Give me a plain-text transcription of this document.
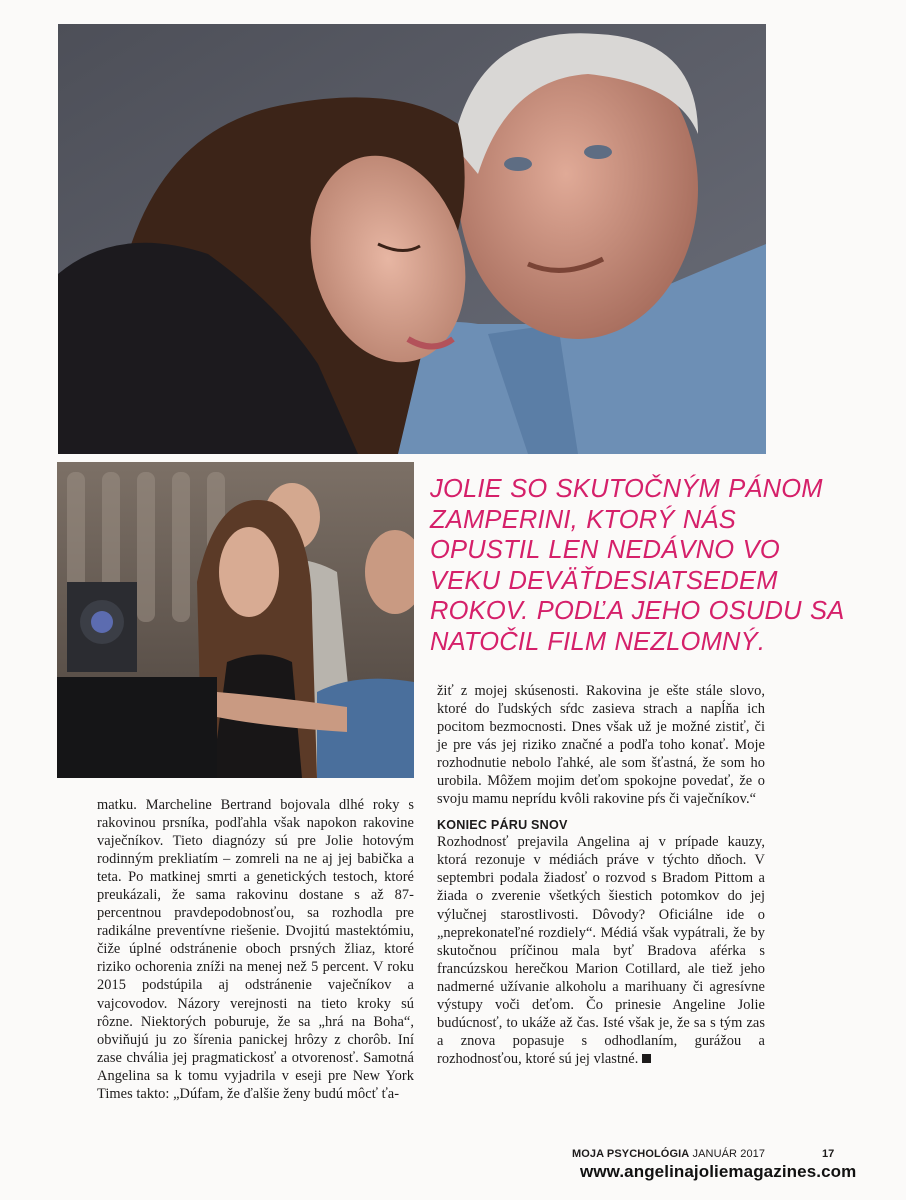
JOLIE SO SKUTOČNÝM PÁNOM ZAMPERINI, KTORÝ NÁS OPUSTIL LEN NEDÁVNO VO VEKU DEVÄŤDESIATSEDEM ROKOV. PODĽA JEHO OSUDU SA NATOČIL FILM NEZLOMNÝ.

matku. Marcheline Bertrand bojovala dlhé roky s rakovinou prsníka, podľahla však napokon rakovine vaječníkov. Tieto diagnózy sú pre Jolie hotovým rodinným prekliatím – zomreli na ne aj jej babička a teta. Po matkinej smrti a genetických testoch, ktoré preukázali, že sama rakovinu dostane s až 87-percentnou pravdepodobnosťou, sa rozhodla pre radikálne preventívne riešenie. Dvojitú mastektómiu, čiže úplné odstránenie oboch prsných žliaz, ktoré riziko ochorenia zníži na menej než 5 percent. V roku 2015 podstúpila aj odstránenie vaječníkov a vajcovodov. Názory verejnosti na tieto kroky sú rôzne. Niektorých poburuje, že sa „hrá na Boha“, obviňujú ju zo šírenia panickej hrôzy z chorôb. Iní zase chvália jej pragmatickosť a otvorenosť. Samotná Angelina sa k tomu vyjadrila v eseji pre New York Times takto: „Dúfam, že ďalšie ženy budú môcť ťa-

žiť z mojej skúsenosti. Rakovina je ešte stále slovo, ktoré do ľudských sŕdc zasieva strach a napĺňa ich pocitom bezmocnosti. Dnes však už je možné zistiť, či je pre vás jej riziko značné a podľa toho konať. Moje rozhodnutie nebolo ľahké, ale som šťastná, že som ho urobila. Môžem mojim deťom spokojne povedať, že o svoju mamu neprídu kvôli rakovine pŕs či vaječníkov.“

KONIEC PÁRU SNOV

Rozhodnosť prejavila Angelina aj v prípade kauzy, ktorá rezonuje v médiách práve v týchto dňoch. V septembri podala žiadosť o rozvod s Bradom Pittom a žiada o zverenie všetkých šiestich potomkov do jej výlučnej starostlivosti. Dôvody? Oficiálne ide o „neprekonateľné rozdiely“. Médiá však vypátrali, že by skutočnou príčinou mala byť Bradova aférka s francúzskou herečkou Marion Cotillard, ale tiež jeho nadmerné užívanie alkoholu a marihuany či agresívne výstupy voči deťom. Čo prinesie Angeline Jolie budúcnosť, to ukáže až čas. Isté však je, že sa s tým zas a znova popasuje s odhodlaním, gurážou a rozhodnosťou, ktoré sú jej vlastné.

MOJA PSYCHOLÓGIA JANUÁR 2017	17
www.angelinajoliemagazines.com
